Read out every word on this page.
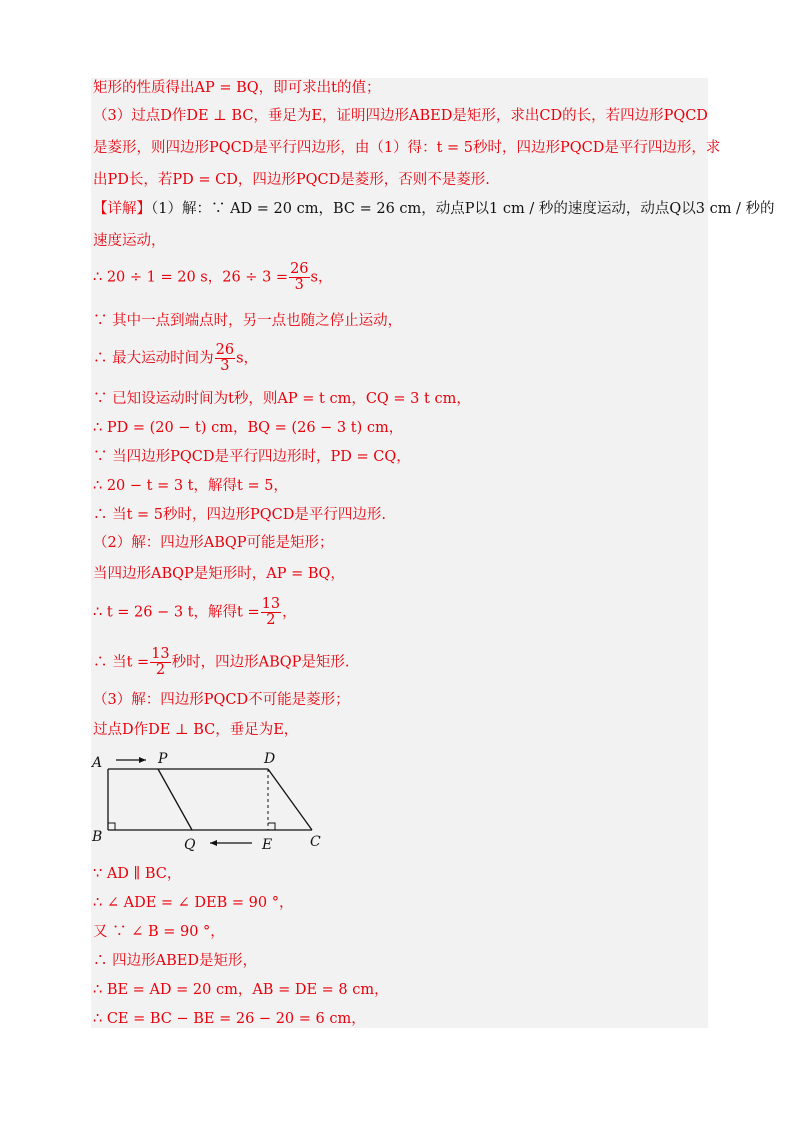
矩形的性质得出AP = BQ，即可求出t的值；
（3）过点D作DE ⊥ BC，垂足为E，证明四边形ABED是矩形，求出CD的长，若四边形PQCD
是菱形，则四边形PQCD是平行四边形，由（1）得：t = 5秒时，四边形PQCD是平行四边形，求
出PD长，若PD = CD，四边形PQCD是菱形，否则不是菱形.
【详解】（1）解：∵ AD = 20 cm，BC = 26 cm，动点P以1 cm / 秒的速度运动，动点Q以3 cm / 秒的
速度运动，
∴ 20 ÷ 1 = 20 s，$26 \div 3 = \frac{26}{3}$ s，
∵ 其中一点到端点时，另一点也随之停止运动，
∴ 最大运动时间为 $\frac{26}{3}$ s，
∵ 已知设运动时间为t秒，则AP = t cm，CQ = 3 t cm，
∴ PD = (20 − t) cm，BQ = (26 − 3 t) cm，
∵ 当四边形PQCD是平行四边形时，PD = CQ，
∴ 20 − t = 3 t，解得t = 5，
∴ 当t = 5秒时，四边形PQCD是平行四边形.
（2）解：四边形ABQP可能是矩形；
当四边形ABQP是矩形时，AP = BQ，
∴ t = 26 − 3 t，解得$t = \frac{13}{2}$ ，
∴ 当$t = \frac{13}{2}$ 秒时，四边形ABQP是矩形.
（3）解：四边形PQCD不可能是菱形；
过点D作DE ⊥ BC，垂足为E，
A	P	D
B	Q	E	C
∵ AD ∥ BC，
∴ ∠ ADE = ∠ DEB = 90 °，
又 ∵ ∠ B = 90 °，
∴ 四边形ABED是矩形，
∴ BE = AD = 20 cm，AB = DE = 8 cm，
∴ CE = BC − BE = 26 − 20 = 6 cm，
